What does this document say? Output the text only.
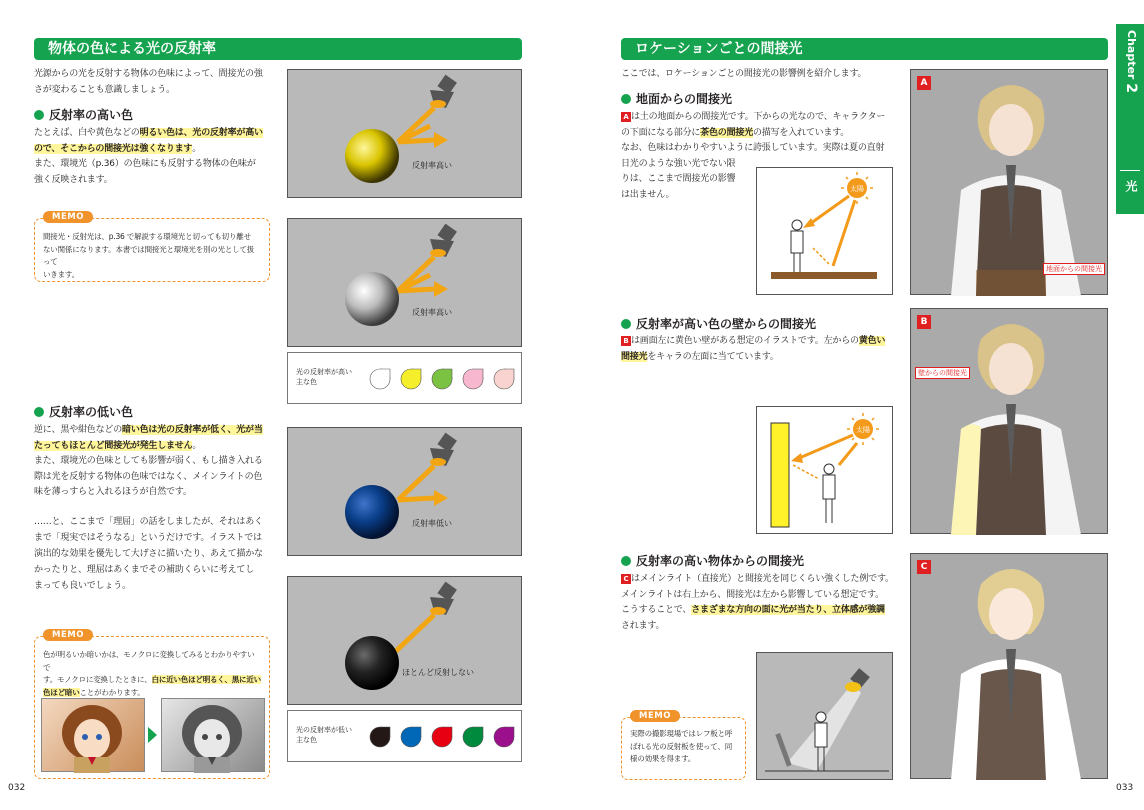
物体の色による光の反射率
光源からの光を反射する物体の色味によって、間接光の強
さが変わることも意識しましょう。
反射率の高い色
たとえば、白や黄色などの明るい色は、光の反射率が高い
ので、そこからの間接光は強くなります。
また、環境光（p.36）の色味にも反射する物体の色味が
強く反映されます。
MEMO
間接光・反射光は、p.36 で解説する環境光と切っても切り離せ
ない関係になります。本書では間接光と環境光を別の光として扱って
いきます。
反射率の低い色
逆に、黒や紺色などの暗い色は光の反射率が低く、光が当
たってもほとんど間接光が発生しません。
また、環境光の色味としても影響が弱く、もし描き入れる
際は光を反射する物体の色味ではなく、メインライトの色
味を薄っすらと入れるほうが自然です。
……と、ここまで「理屈」の話をしましたが、それはあく
まで「現実ではそうなる」というだけです。イラストでは
演出的な効果を優先して大げさに描いたり、あえて描かな
かったりと、理屈はあくまでその補助くらいに考えてし
まっても良いでしょう。
MEMO
色が明るいか暗いかは、モノクロに変換してみるとわかりやすいで
す。モノクロに変換したときに、白に近い色ほど明るく、黒に近い
色ほど暗いことがわかります。
反射率高い
反射率高い
光の反射率が高い
主な色
反射率低い
ほとんど反射しない
光の反射率が低い
主な色
032
ロケーションごとの間接光
ここでは、ロケーションごとの間接光の影響例を紹介します。
地面からの間接光
A は土の地面からの間接光です。下からの光なので、キャラクター
の下面になる部分に茶色の間接光の描写を入れています。
なお、色味はわかりやすいように誇張しています。実際は夏の直射
日光のような強い光でない限
りは、ここまで間接光の影響
は出ません。
太陽
反射率が高い色の壁からの間接光
B は画面左に黄色い壁がある想定のイラストです。左からの黄色い
間接光をキャラの左面に当てています。
太陽
反射率の高い物体からの間接光
C はメインライト（直接光）と間接光を同じくらい強くした例です。
メインライトは右上から、間接光は左から影響している想定です。
こうすることで、さまざまな方向の面に光が当たり、立体感が強調
されます。
MEMO
実際の撮影現場ではレフ板と呼
ばれる光の反射板を使って、同
様の効果を得ます。
A
地面からの間接光
B
壁からの間接光
C
Chapter 2
光
033
